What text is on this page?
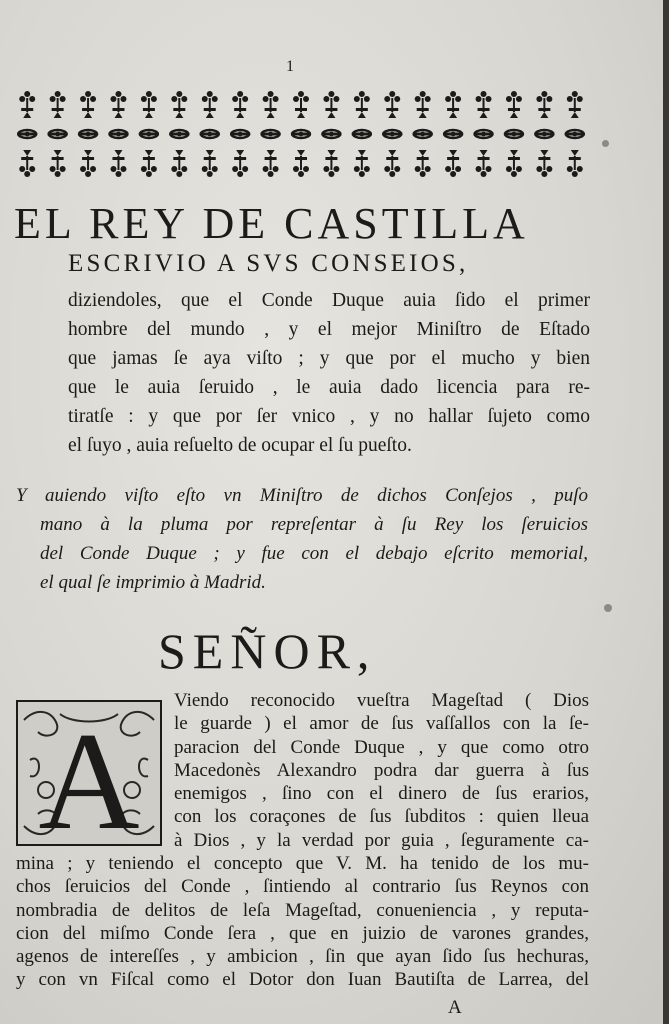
1
EL REY DE CASTILLA
ESCRIVIO A SVS CONSEIOS,
diziendoles, que el Conde Duque auia ſido el primer
hombre del mundo , y el mejor Miniſtro de Eſtado
que jamas ſe aya viſto ; y que por el mucho y bien
que le auia ſeruido , le auia dado licencia para re-
tiratſe : y que por ſer vnico , y no hallar ſujeto como
el ſuyo , auia reſuelto de ocupar el ſu pueſto.
Y auiendo viſto eſto vn Miniſtro de dichos Conſejos , puſo
mano à la pluma por repreſentar à ſu Rey los ſeruicios
del Conde Duque ; y fue con el debajo eſcrito memorial,
el qual ſe imprimio à Madrid.
SEÑOR,
A
Viendo reconocido vueſtra Mageſtad ( Dios
le guarde ) el amor de ſus vaſſallos con la ſe-
paracion del Conde Duque , y que como otro
Macedonès Alexandro podra dar guerra à ſus
enemigos , ſino con el dinero de ſus erarios,
con los coraçones de ſus ſubditos : quien lleua
à Dios , y la verdad por guia , ſeguramente ca-
mina ; y teniendo el concepto que V. M. ha tenido de los mu-
chos ſeruicios del Conde , ſintiendo al contrario ſus Reynos con
nombradia de delitos de leſa Mageſtad, conueniencia , y reputa-
cion del miſmo Conde ſera , que en juizio de varones grandes,
agenos de intereſſes , y ambicion , ſin que ayan ſido ſus hechuras,
y con vn Fiſcal como el Dotor don Iuan Bautiſta de Larrea, del
A
